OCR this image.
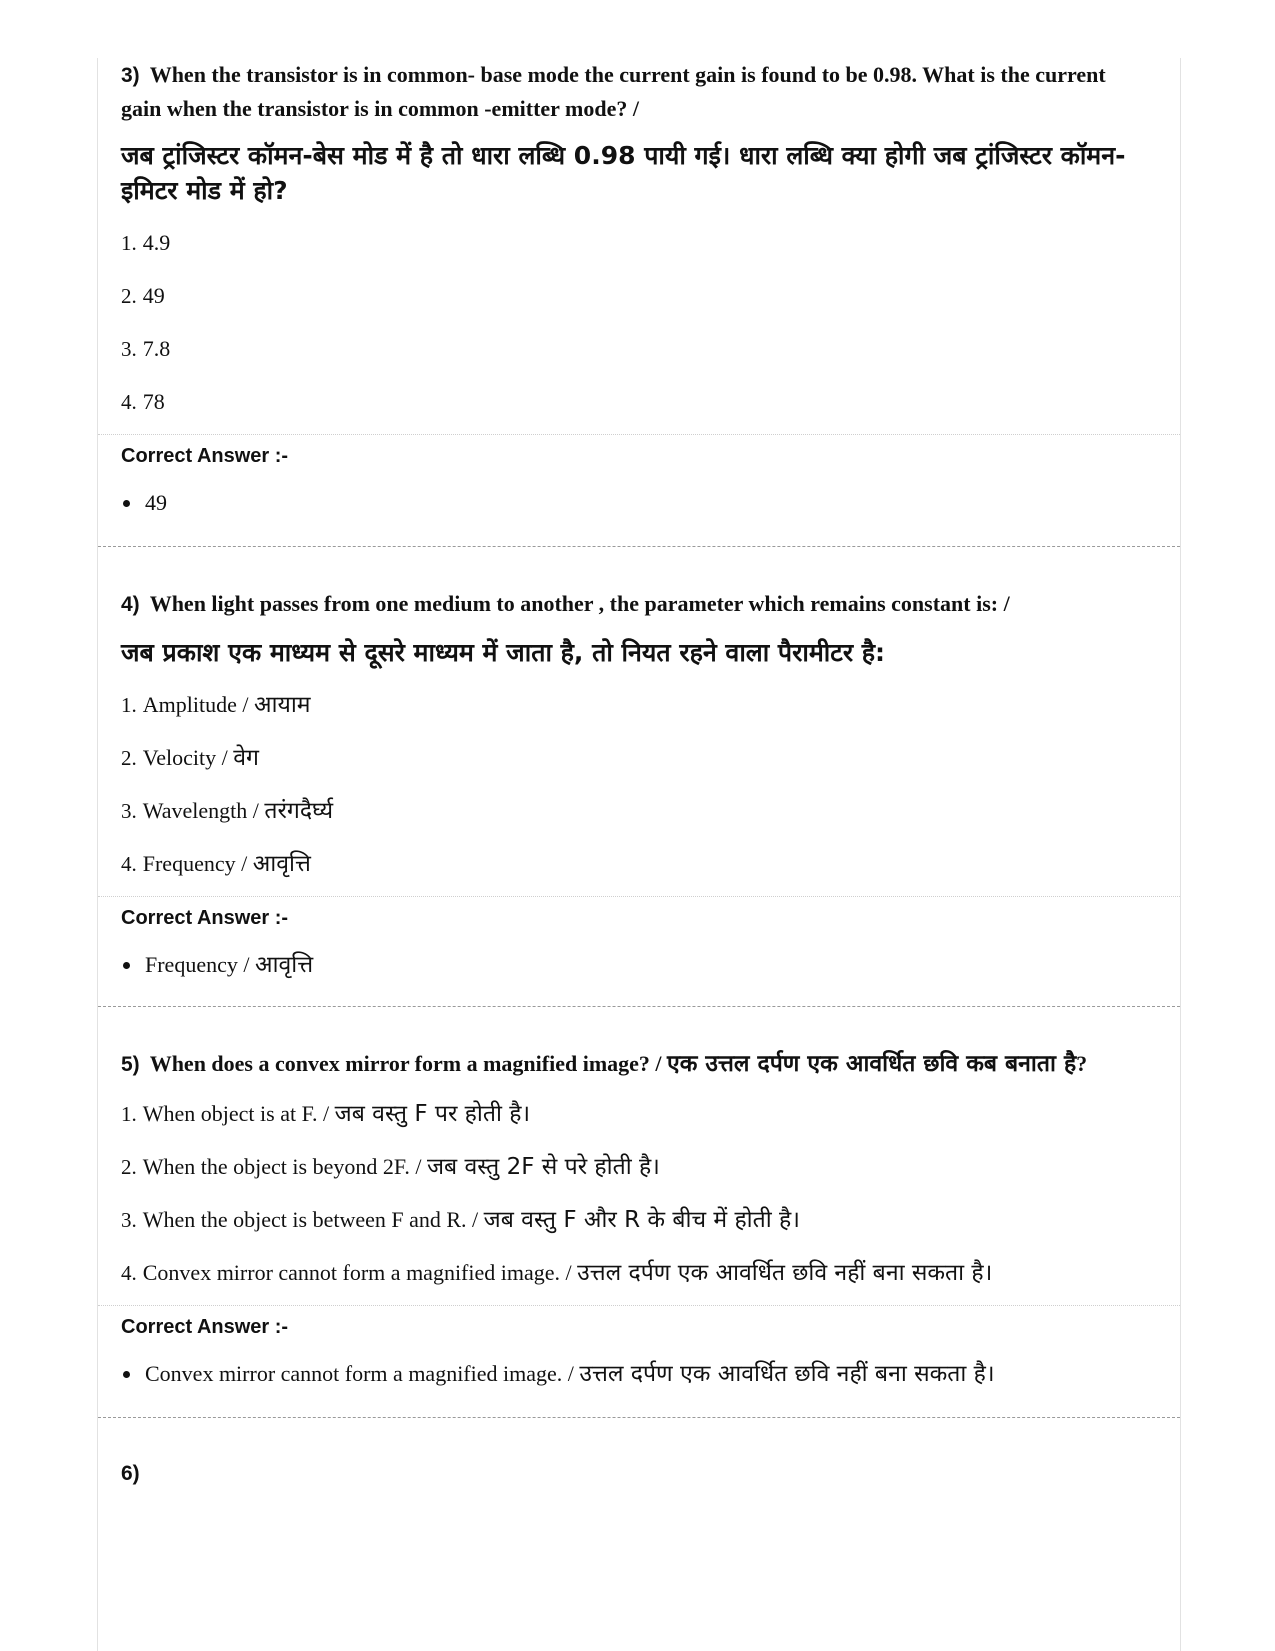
3) When the transistor is in common- base mode the current gain is found to be 0.98. What is the current gain when the transistor is in common -emitter mode? /

जब ट्रांजिस्टर कॉमन-बेस मोड में है तो धारा लब्धि 0.98 पायी गई। धारा लब्धि क्या होगी जब ट्रांजिस्टर कॉमन-इमिटर मोड में हो?

1. 4.9
2. 49
3. 7.8
4. 78

Correct Answer :-

49

4) When light passes from one medium to another , the parameter which remains constant is: /

जब प्रकाश एक माध्यम से दूसरे माध्यम में जाता है, तो नियत रहने वाला पैरामीटर है:

1. Amplitude /
आयाम
2. Velocity /
वेग
3. Wavelength /
तरंगदैर्घ्य
4. Frequency /
आवृत्ति

Correct Answer :-

Frequency /
आवृत्ति

5) When does a convex mirror form a magnified image? / एक उत्तल दर्पण एक आवर्धित छवि कब बनाता है?

1. When object is at F. /
जब वस्तु F पर होती है।
2. When the object is beyond 2F. /
जब वस्तु 2F से परे होती है।
3. When the object is between F and R. /
जब वस्तु F और R के बीच में होती है।
4. Convex mirror cannot form a magnified image. /
उत्तल दर्पण एक आवर्धित छवि नहीं बना सकता है।

Correct Answer :-

Convex mirror cannot form a magnified image. /
उत्तल दर्पण एक आवर्धित छवि नहीं बना सकता है।

6)
